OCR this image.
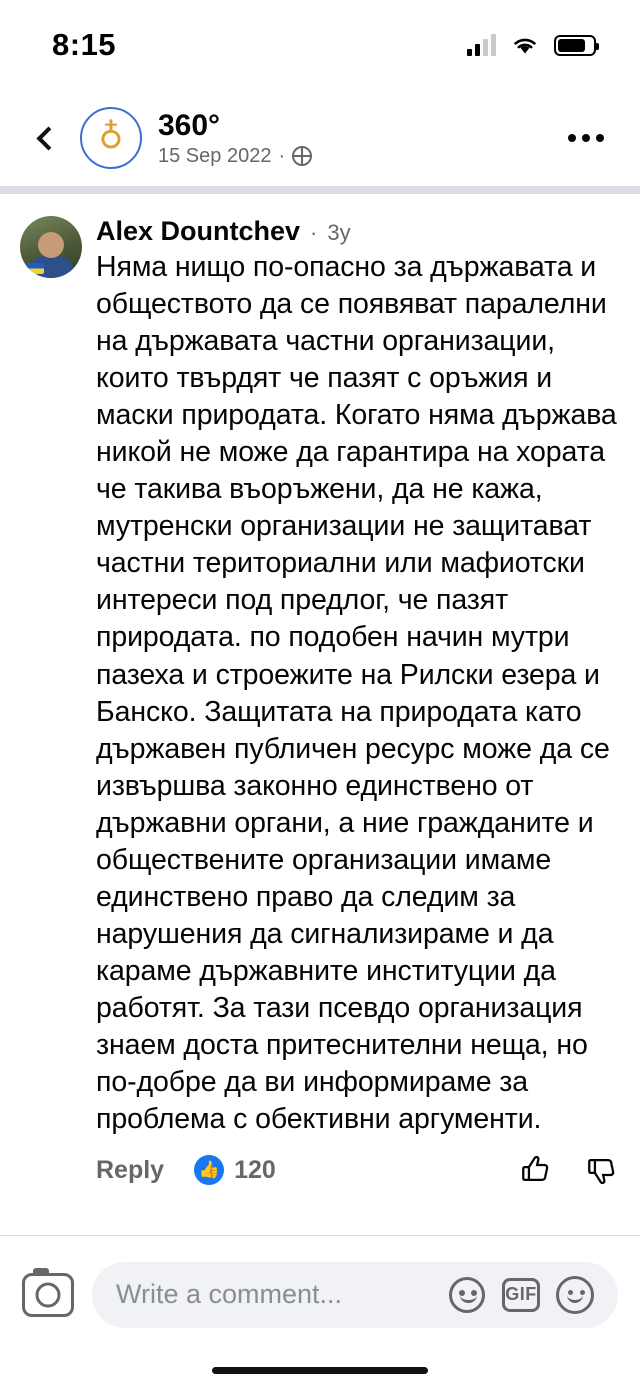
8:15
♁	360°
15 Sep 2022 ·
Alex Dountchev · 3y
Няма нищо по-опасно за държавата и обществото да се появяват паралелни на държавата частни организации, които твърдят че пазят с оръжия и маски природата. Когато няма държава никой не може да гарантира на хората че такива въоръжени, да не кажа, мутренски организации не защитават частни териториални или мафиотски интереси под предлог, че пазят природата. по подобен начин мутри пазеха и строежите на Рилски езера и Банско. Защитата на природата като държавен публичен ресурс може да се извършва законно единствено от държавни органи, а ние гражданите и обществените организации имаме единствено право да следим за нарушения да сигнализираме и да караме държавните институции да работят. За тази псевдо организация знаем доста притеснителни неща, но по-добре да ви информираме за проблема с обективни аргументи.
Reply 👍 120
Write a comment...	GIF
